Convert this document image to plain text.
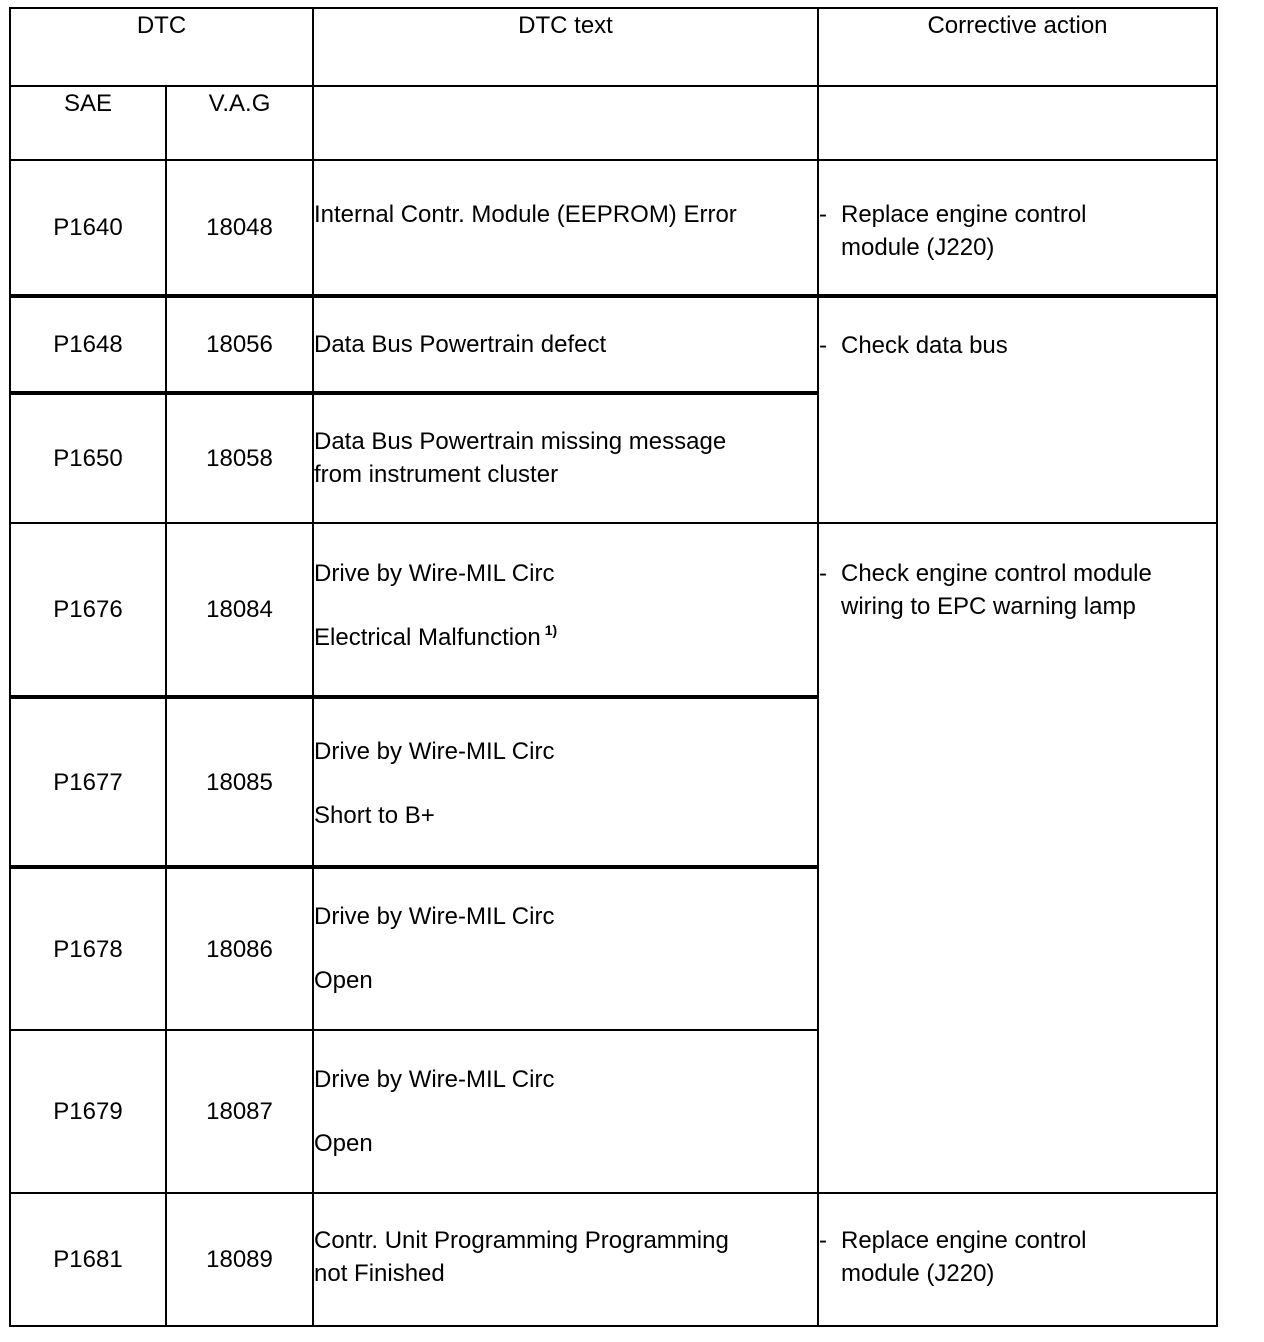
DTC		DTC text	Corrective action
SAE	V.A.G		
P1640	18048	Internal Contr. Module (EEPROM) Error	- Replace engine control
module (J220)

P1648	18056	Data Bus Powertrain defect	- Check data bus

P1650	18058	Data Bus Powertrain missing message
from instrument cluster	

P1676	18084	Drive by Wire-MIL Circ
Electrical Malfunction $^{1)}$	- Check engine control module
wiring to EPC warning lamp

P1677	18085	Drive by Wire-MIL Circ
Short to B+	

P1678	18086	Drive by Wire-MIL Circ
Open	

P1679	18087	Drive by Wire-MIL Circ
Open	

P1681	18089	Contr. Unit Programming Programming
not Finished	- Replace engine control
module (J220)
